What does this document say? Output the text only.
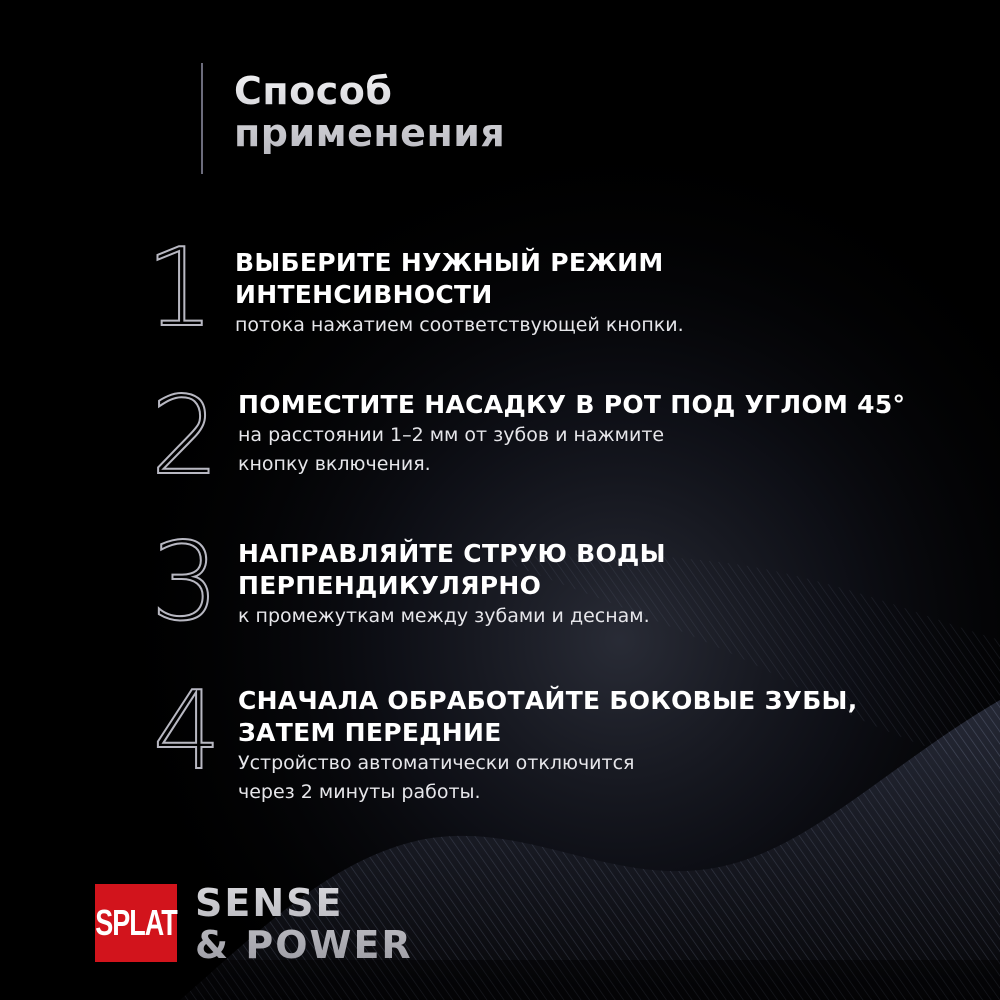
Способ
применения
1 ВЫБЕРИТЕ НУЖНЫЙ РЕЖИМ
ИНТЕНСИВНОСТИ
потока нажатием соответствующей кнопки.
2 ПОМЕСТИТЕ НАСАДКУ В РОТ ПОД УГЛОМ 45°
на расстоянии 1–2 мм от зубов и нажмите
кнопку включения.
3 НАПРАВЛЯЙТЕ СТРУЮ ВОДЫ
ПЕРПЕНДИКУЛЯРНО
к промежуткам между зубами и деснам.
4 СНАЧАЛА ОБРАБОТАЙТЕ БОКОВЫЕ ЗУБЫ,
ЗАТЕМ ПЕРЕДНИЕ
Устройство автоматически отключится
через 2 минуты работы.
SPLAT SENSE
& POWER
